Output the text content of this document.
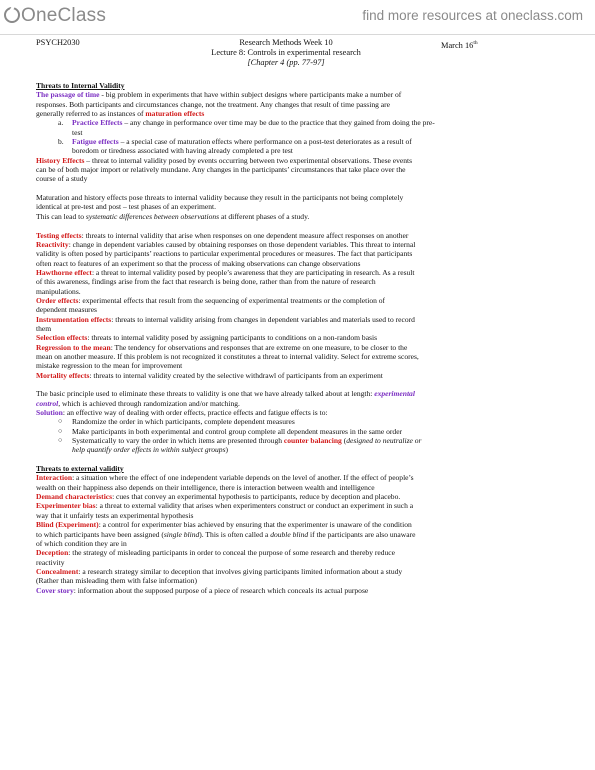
OneClass	find more resources at oneclass.com
PSYCH2030	Research Methods Week 10
Lecture 8: Controls in experimental research
[Chapter 4 (pp. 77-97]
March 16th

Threats to Internal Validity

The passage of time - big problem in experiments that have within subject designs where participants make a number of

responses. Both participants and circumstances change, not the treatment. Any changes that result of time passing are

generally referred to as instances of maturation effects

a. Practice Effects – any change in performance over time may be due to the practice that they gained from doing the pre-

test

b. Fatigue effects – a special case of maturation effects where performance on a post-test deteriorates as a result of

boredom or tiredness associated with having already completed a pre test

History Effects – threat to internal validity posed by events occurring between two experimental observations. These events

can be of both major import or relatively mundane. Any changes in the participants’ circumstances that take place over the

course of a study

Maturation and history effects pose threats to internal validity because they result in the participants not being completely

identical at pre-test and post – test phases of an experiment.

This can lead to systematic differences between observations at different phases of a study.

Testing effects: threats to internal validity that arise when responses on one dependent measure affect responses on another

Reactivity: change in dependent variables caused by obtaining responses on those dependent variables. This threat to internal

validity is often posed by participants’ reactions to particular experimental procedures or measures. The fact that participants

often react to features of an experiment so that the process of making observations can change observations

Hawthorne effect: a threat to internal validity posed by people’s awareness that they are participating in research. As a result

of this awareness, findings arise from the fact that research is being done, rather than from the nature of research

manipulations.

Order effects: experimental effects that result from the sequencing of experimental treatments or the completion of

dependent measures

Instrumentation effects: threats to internal validity arising from changes in dependent variables and materials used to record

them

Selection effects: threats to internal validity posed by assigning participants to conditions on a non-random basis

Regression to the mean: The tendency for observations and responses that are extreme on one measure, to be closer to the

mean on another measure. If this problem is not recognized it constitutes a threat to internal validity. Select for extreme scores,

mistake regression to the mean for improvement

Mortality effects: threats to internal validity created by the selective withdrawl of participants from an experiment

The basic principle used to eliminate these threats to validity is one that we have already talked about at length: experimental

control, which is achieved through randomization and/or matching.

Solution: an effective way of dealing with order effects, practice effects and fatigue effects is to:

○ Randomize the order in which participants, complete dependent measures

○ Make participants in both experimental and control group complete all dependent measures in the same order

○ Systematically to vary the order in which items are presented through counter balancing (designed to neutralize or

help quantify order effects in within subject groups)

Threats to external validity

Interaction: a situation where the effect of one independent variable depends on the level of another. If the effect of people’s

wealth on their happiness also depends on their intelligence, there is interaction between wealth and intelligence

Demand characteristics: cues that convey an experimental hypothesis to participants, reduce by deception and placebo.

Experimenter bias: a threat to external validity that arises when experimenters construct or conduct an experiment in such a

way that it unfairly tests an experimental hypothesis

Blind (Experiment): a control for experimenter bias achieved by ensuring that the experimenter is unaware of the condition

to which participants have been assigned (single blind). This is often called a double blind if the participants are also unaware

of which condition they are in

Deception: the strategy of misleading participants in order to conceal the purpose of some research and thereby reduce

reactivity

Concealment: a research strategy similar to deception that involves giving participants limited information about a study

(Rather than misleading them with false information)

Cover story: information about the supposed purpose of a piece of research which conceals its actual purpose
